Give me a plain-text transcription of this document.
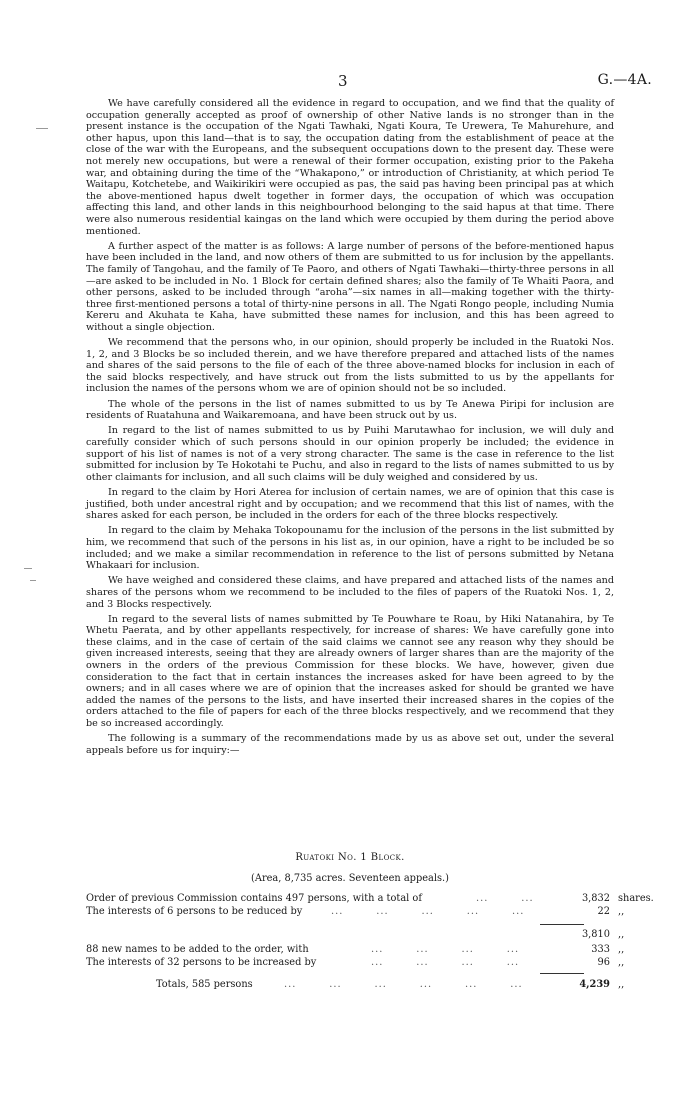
3	G.—4A.

We have carefully considered all the evidence in regard to occupation, and we find that the quality of occupation generally accepted as proof of ownership of other Native lands is no stronger than in the present instance is the occupation of the Ngati Tawhaki, Ngati Koura, Te Urewera, Te Mahurehure, and other hapus, upon this land—that is to say, the occupation dating from the establishment of peace at the close of the war with the Europeans, and the subsequent occupations down to the present day. These were not merely new occupations, but were a renewal of their former occupation, existing prior to the Pakeha war, and obtaining during the time of the “Whakapono,” or introduction of Christianity, at which period Te Waitapu, Kotchetebe, and Waikirikiri were occupied as pas, the said pas having been principal pas at which the above-mentioned hapus dwelt together in former days, the occupation of which was occupation affecting this land, and other lands in this neighbourhood belonging to the said hapus at that time. There were also numerous residential kaingas on the land which were occupied by them during the period above mentioned.

A further aspect of the matter is as follows: A large number of persons of the before-mentioned hapus have been included in the land, and now others of them are submitted to us for inclusion by the appellants. The family of Tangohau, and the family of Te Paoro, and others of Ngati Tawhaki—thirty-three persons in all—are asked to be included in No. 1 Block for certain defined shares; also the family of Te Whaiti Paora, and other persons, asked to be included through “aroha”—six names in all—making together with the thirty-three first-mentioned persons a total of thirty-nine persons in all. The Ngati Rongo people, including Numia Kereru and Akuhata te Kaha, have submitted these names for inclusion, and this has been agreed to without a single objection.

We recommend that the persons who, in our opinion, should properly be included in the Ruatoki Nos. 1, 2, and 3 Blocks be so included therein, and we have therefore prepared and attached lists of the names and shares of the said persons to the file of each of the three above-named blocks for inclusion in each of the said blocks respectively, and have struck out from the lists submitted to us by the appellants for inclusion the names of the persons whom we are of opinion should not be so included.

The whole of the persons in the list of names submitted to us by Te Anewa Piripi for inclusion are residents of Ruatahuna and Waikaremoana, and have been struck out by us.

In regard to the list of names submitted to us by Puihi Marutawhao for inclusion, we will duly and carefully consider which of such persons should in our opinion properly be included; the evidence in support of his list of names is not of a very strong character. The same is the case in reference to the list submitted for inclusion by Te Hokotahi te Puchu, and also in regard to the lists of names submitted to us by other claimants for inclusion, and all such claims will be duly weighed and considered by us.

In regard to the claim by Hori Aterea for inclusion of certain names, we are of opinion that this case is justified, both under ancestral right and by occupation; and we recommend that this list of names, with the shares asked for each person, be included in the orders for each of the three blocks respectively.

In regard to the claim by Mehaka Tokopounamu for the inclusion of the persons in the list submitted by him, we recommend that such of the persons in his list as, in our opinion, have a right to be included be so included; and we make a similar recommendation in reference to the list of persons submitted by Netana Whakaari for inclusion.

We have weighed and considered these claims, and have prepared and attached lists of the names and shares of the persons whom we recommend to be included to the files of papers of the Ruatoki Nos. 1, 2, and 3 Blocks respectively.

In regard to the several lists of names submitted by Te Pouwhare te Roau, by Hiki Natanahira, by Te Whetu Paerata, and by other appellants respectively, for increase of shares: We have carefully gone into these claims, and in the case of certain of the said claims we cannot see any reason why they should be given increased interests, seeing that they are already owners of larger shares than are the majority of the owners in the orders of the previous Commission for these blocks. We have, however, given due consideration to the fact that in certain instances the increases asked for have been agreed to by the owners; and in all cases where we are of opinion that the increases asked for should be granted we have added the names of the persons to the lists, and have inserted their increased shares in the copies of the orders attached to the file of papers for each of the three blocks respectively, and we recommend that they be so increased accordingly.

The following is a summary of the recommendations made by us as above set out, under the several appeals before us for inquiry:—

Ruatoki No. 1 Block.
(Area, 8,735 acres. Seventeen appeals.)
Order of previous Commission contains 497 persons, with a total of	...        ...	3,832 shares.
The interests of 6 persons to be reduced by	...        ...        ...        ...        ...	22 ,,
3,810 ,,
88 new names to be added to the order, with	...        ...        ...        ...	333 ,,
The interests of 32 persons to be increased by	...        ...        ...        ...	96 ,,
Totals, 585 persons	...        ...        ...        ...        ...        ...	4,239 ,,
